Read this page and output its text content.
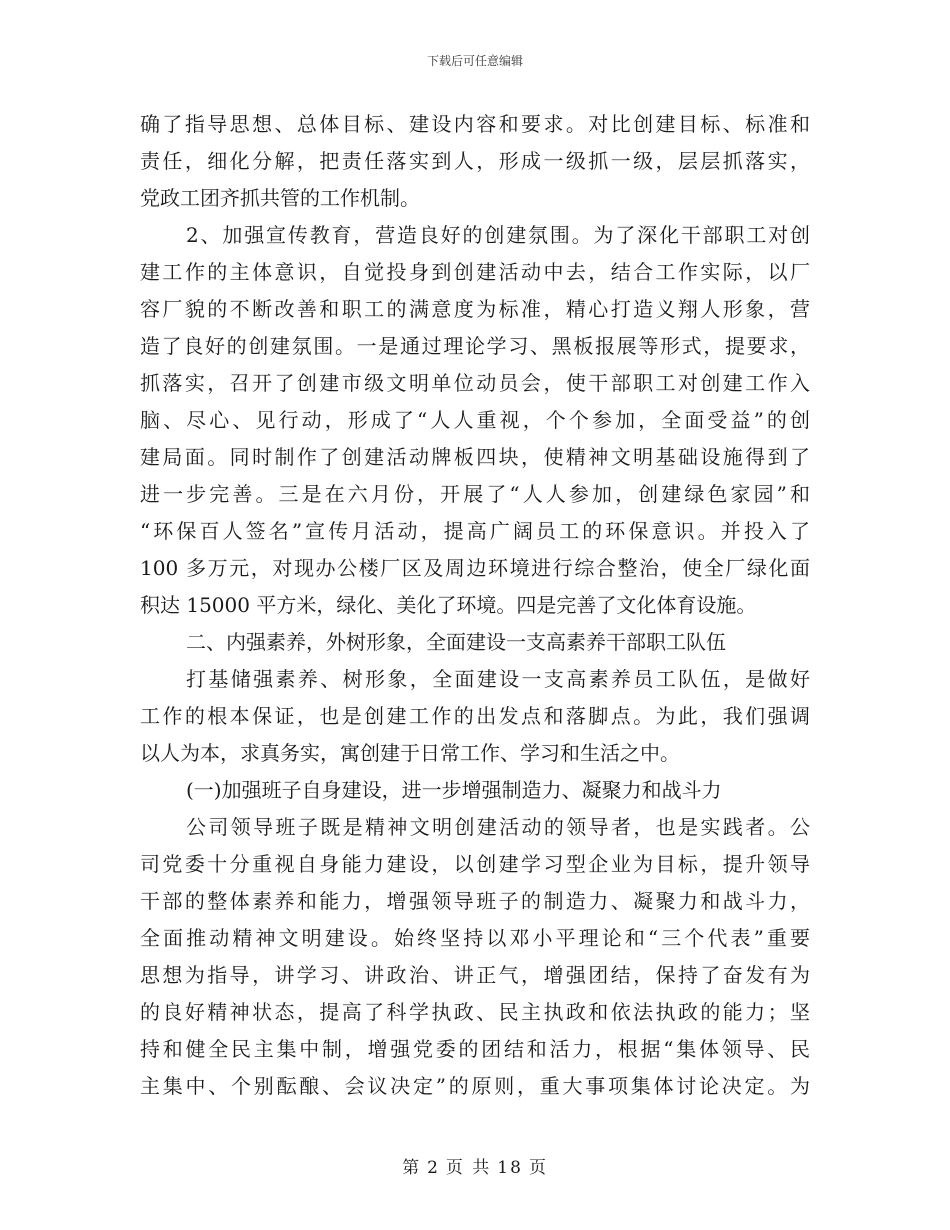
下载后可任意编辑
确了指导思想、总体目标、建设内容和要求。对比创建目标、标准和
责任，细化分解，把责任落实到人，形成一级抓一级，层层抓落实，
党政工团齐抓共管的工作机制。
2、加强宣传教育，营造良好的创建氛围。为了深化干部职工对创
建工作的主体意识，自觉投身到创建活动中去，结合工作实际，以厂
容厂貌的不断改善和职工的满意度为标准，精心打造义翔人形象，营
造了良好的创建氛围。一是通过理论学习、黑板报展等形式，提要求，
抓落实，召开了创建市级文明单位动员会，使干部职工对创建工作入
脑、尽心、见行动，形成了“人人重视，个个参加，全面受益”的创
建局面。同时制作了创建活动牌板四块，使精神文明基础设施得到了
进一步完善。三是在六月份，开展了“人人参加，创建绿色家园”和
“环保百人签名”宣传月活动，提高广阔员工的环保意识。并投入了
100 多万元，对现办公楼厂区及周边环境进行综合整治，使全厂绿化面
积达 15000 平方米，绿化、美化了环境。四是完善了文化体育设施。
二、内强素养，外树形象，全面建设一支高素养干部职工队伍
打基储强素养、树形象，全面建设一支高素养员工队伍，是做好
工作的根本保证，也是创建工作的出发点和落脚点。为此，我们强调
以人为本，求真务实，寓创建于日常工作、学习和生活之中。
(一)加强班子自身建设，进一步增强制造力、凝聚力和战斗力
公司领导班子既是精神文明创建活动的领导者，也是实践者。公
司党委十分重视自身能力建设，以创建学习型企业为目标，提升领导
干部的整体素养和能力，增强领导班子的制造力、凝聚力和战斗力，
全面推动精神文明建设。始终坚持以邓小平理论和“三个代表”重要
思想为指导，讲学习、讲政治、讲正气，增强团结，保持了奋发有为
的良好精神状态，提高了科学执政、民主执政和依法执政的能力；坚
持和健全民主集中制，增强党委的团结和活力，根据“集体领导、民
主集中、个别酝酿、会议决定”的原则，重大事项集体讨论决定。为
第 2 页 共 18 页
